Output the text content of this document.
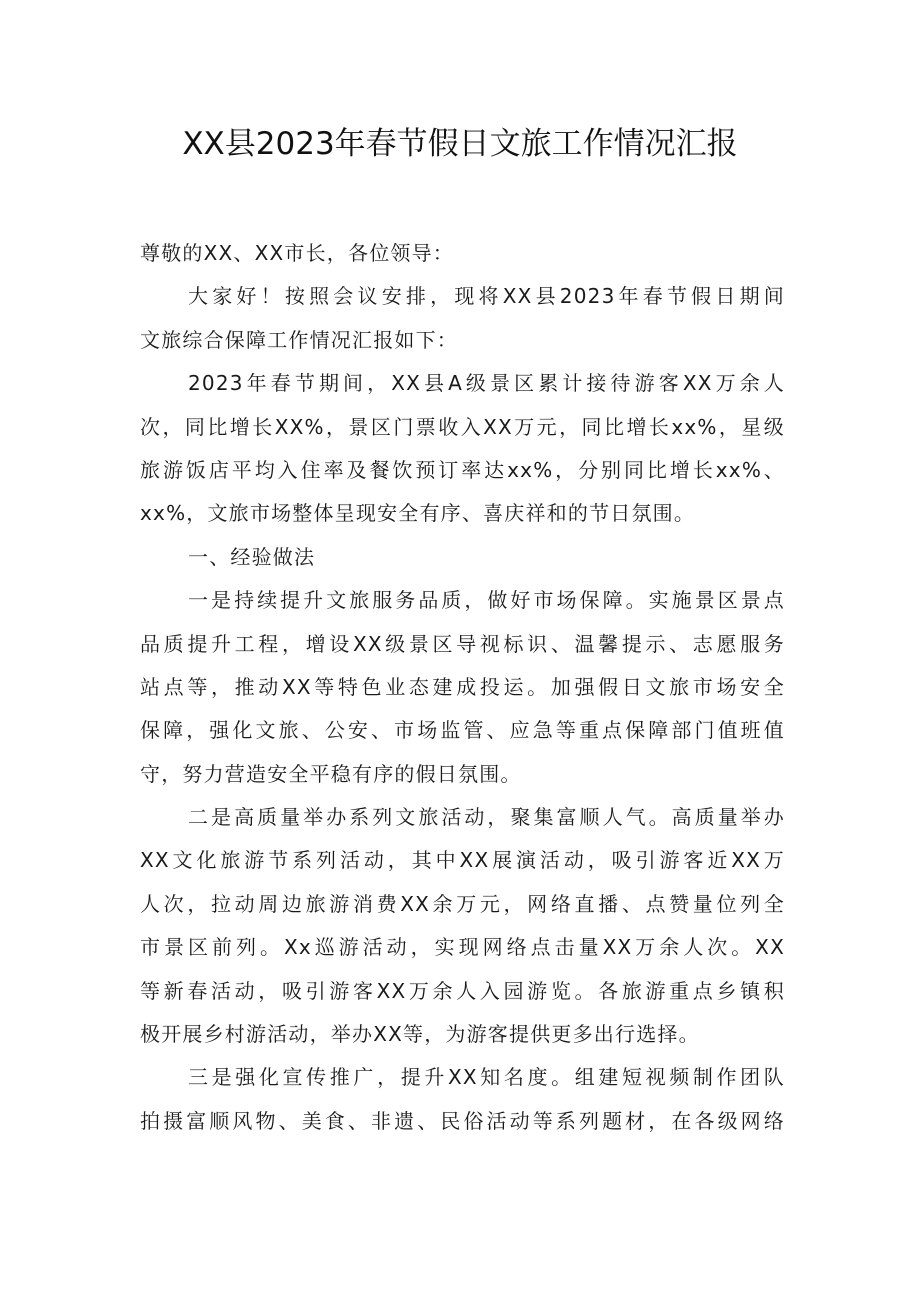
XX县2023年春节假日文旅工作情况汇报
尊敬的XX、XX市长，各位领导：
大家好！按照会议安排，现将XX县2023年春节假日期间
文旅综合保障工作情况汇报如下：
2023年春节期间，XX县A级景区累计接待游客XX万余人
次，同比增长XX%，景区门票收入XX万元，同比增长xx%，星级
旅游饭店平均入住率及餐饮预订率达xx%，分别同比增长xx%、
xx%，文旅市场整体呈现安全有序、喜庆祥和的节日氛围。
一、经验做法
一是持续提升文旅服务品质，做好市场保障。实施景区景点
品质提升工程，增设XX级景区导视标识、温馨提示、志愿服务
站点等，推动XX等特色业态建成投运。加强假日文旅市场安全
保障，强化文旅、公安、市场监管、应急等重点保障部门值班值
守，努力营造安全平稳有序的假日氛围。
二是高质量举办系列文旅活动，聚集富顺人气。高质量举办
XX文化旅游节系列活动，其中XX展演活动，吸引游客近XX万
人次，拉动周边旅游消费XX余万元，网络直播、点赞量位列全
市景区前列。Xx巡游活动，实现网络点击量XX万余人次。XX
等新春活动，吸引游客XX万余人入园游览。各旅游重点乡镇积
极开展乡村游活动，举办XX等，为游客提供更多出行选择。
三是强化宣传推广，提升XX知名度。组建短视频制作团队
拍摄富顺风物、美食、非遗、民俗活动等系列题材，在各级网络
